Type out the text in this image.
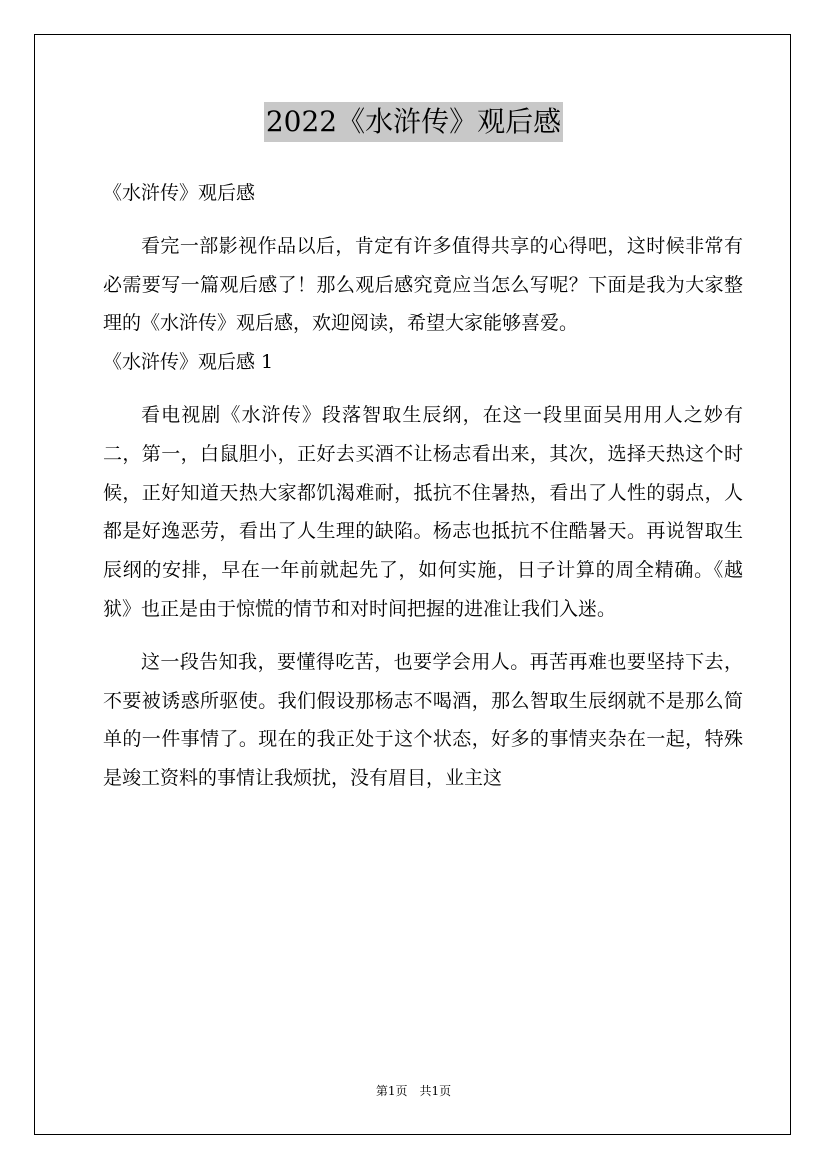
2022《水浒传》观后感

《水浒传》观后感

看完一部影视作品以后，肯定有许多值得共享的心得吧，这时候非常有必需要写一篇观后感了！那么观后感究竟应当怎么写呢？下面是我为大家整理的《水浒传》观后感，欢迎阅读，希望大家能够喜爱。

《水浒传》观后感 1

看电视剧《水浒传》段落智取生辰纲，在这一段里面吴用用人之妙有二，第一，白鼠胆小，正好去买酒不让杨志看出来，其次，选择天热这个时候，正好知道天热大家都饥渴难耐，抵抗不住暑热，看出了人性的弱点，人都是好逸恶劳，看出了人生理的缺陷。杨志也抵抗不住酷暑天。再说智取生辰纲的安排，早在一年前就起先了，如何实施，日子计算的周全精确。《越狱》也正是由于惊慌的情节和对时间把握的进准让我们入迷。

这一段告知我，要懂得吃苦，也要学会用人。再苦再难也要坚持下去，不要被诱惑所驱使。我们假设那杨志不喝酒，那么智取生辰纲就不是那么简单的一件事情了。现在的我正处于这个状态，好多的事情夹杂在一起，特殊是竣工资料的事情让我烦扰，没有眉目，业主这

第1页 共1页
